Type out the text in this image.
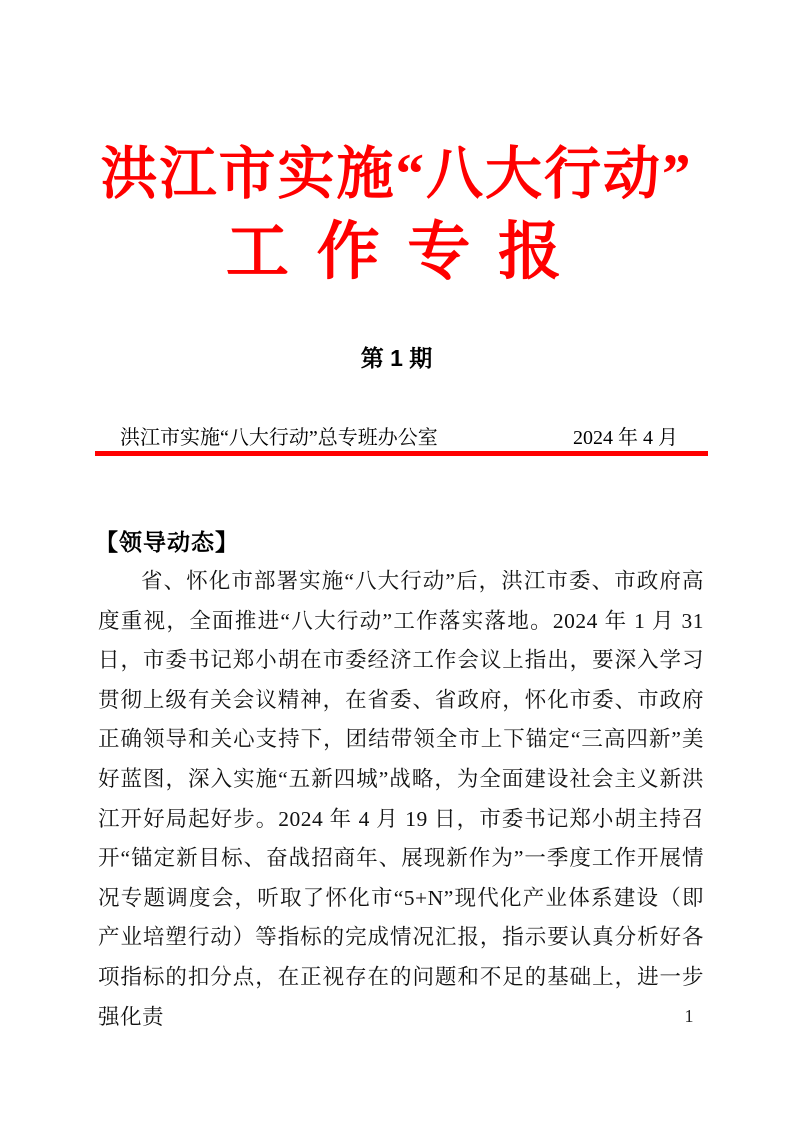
洪江市实施“八大行动”
工 作 专 报
第 1 期
洪江市实施“八大行动”总专班办公室	2024 年 4 月
【领导动态】

省、怀化市部署实施“八大行动”后，洪江市委、市政府高度重视，全面推进“八大行动”工作落实落地。2024 年 1 月 31 日，市委书记郑小胡在市委经济工作会议上指出，要深入学习贯彻上级有关会议精神，在省委、省政府，怀化市委、市政府正确领导和关心支持下，团结带领全市上下锚定“三高四新”美好蓝图，深入实施“五新四城”战略，为全面建设社会主义新洪江开好局起好步。2024 年 4 月 19 日，市委书记郑小胡主持召开“锚定新目标、奋战招商年、展现新作为”一季度工作开展情况专题调度会，听取了怀化市“5+N”现代化产业体系建设（即产业培塑行动）等指标的完成情况汇报，指示要认真分析好各项指标的扣分点，在正视存在的问题和不足的基础上，进一步强化责	1
